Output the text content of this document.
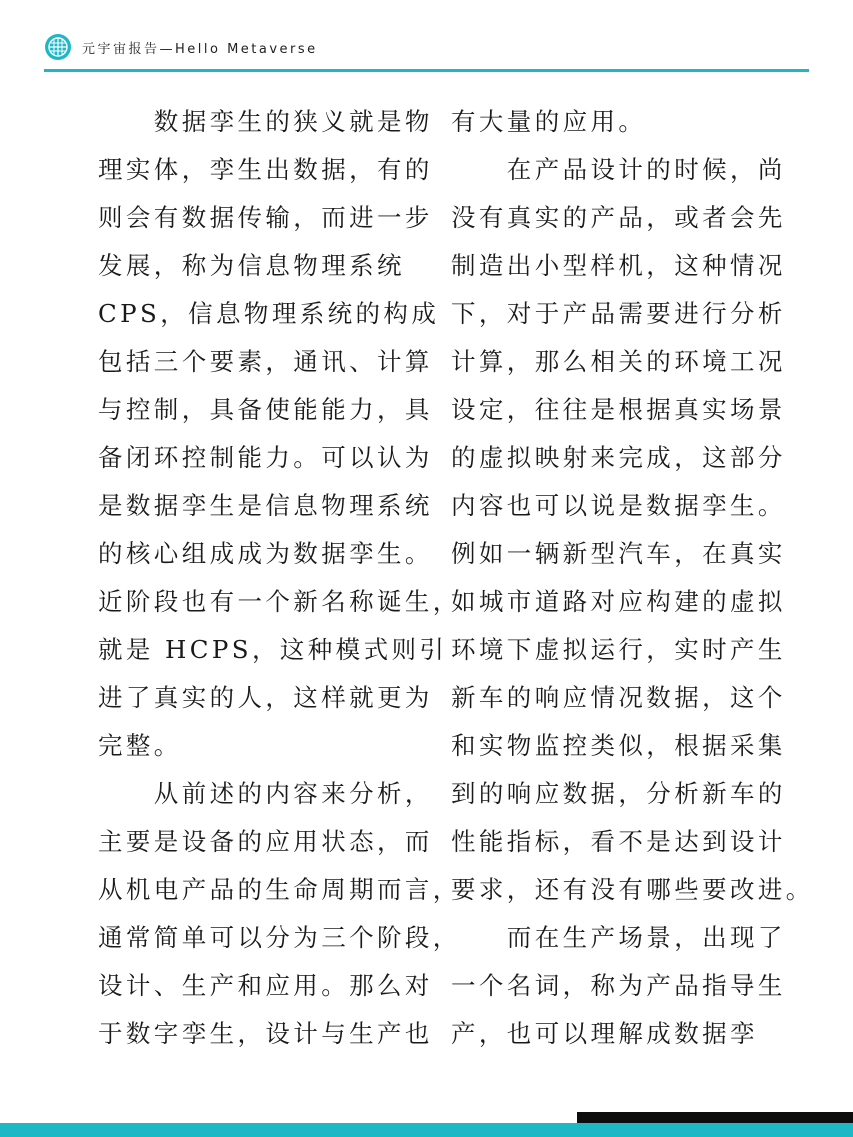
元宇宙报告—Hello Metaverse
　　数据孪生的狭义就是物
理实体，孪生出数据，有的
则会有数据传输，而进一步
发展，称为信息物理系统
CPS，信息物理系统的构成
包括三个要素，通讯、计算
与控制，具备使能能力，具
备闭环控制能力。可以认为
是数据孪生是信息物理系统
的核心组成成为数据孪生。
近阶段也有一个新名称诞生，
就是 HCPS，这种模式则引
进了真实的人，这样就更为
完整。
　　从前述的内容来分析，
主要是设备的应用状态，而
从机电产品的生命周期而言，
通常简单可以分为三个阶段，
设计、生产和应用。那么对
于数字孪生，设计与生产也
有大量的应用。
　　在产品设计的时候，尚
没有真实的产品，或者会先
制造出小型样机，这种情况
下，对于产品需要进行分析
计算，那么相关的环境工况
设定，往往是根据真实场景
的虚拟映射来完成，这部分
内容也可以说是数据孪生。
例如一辆新型汽车，在真实
如城市道路对应构建的虚拟
环境下虚拟运行，实时产生
新车的响应情况数据，这个
和实物监控类似，根据采集
到的响应数据，分析新车的
性能指标，看不是达到设计
要求，还有没有哪些要改进。
　　而在生产场景，出现了
一个名词，称为产品指导生
产，也可以理解成数据孪
